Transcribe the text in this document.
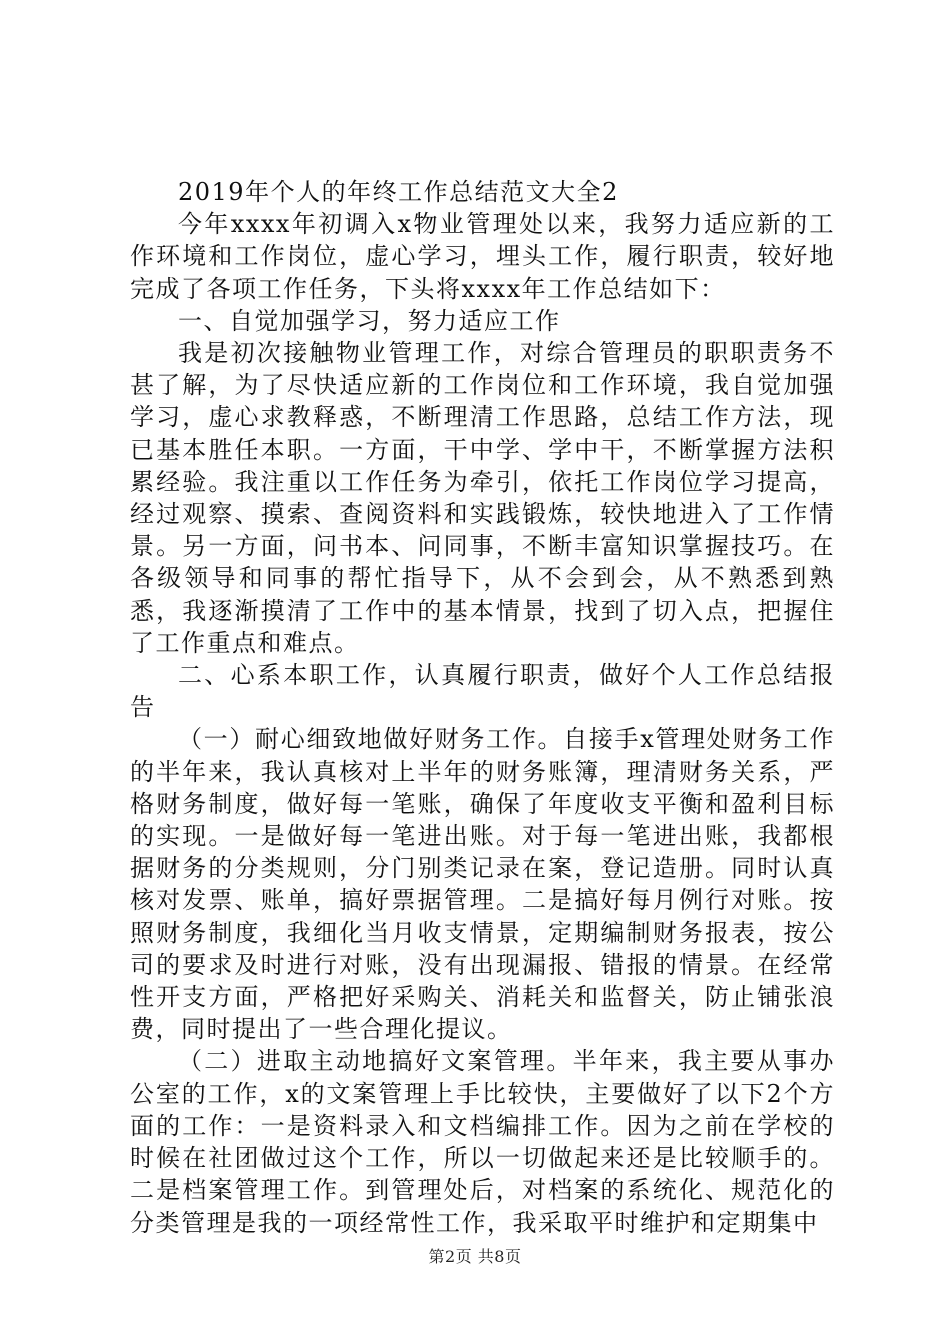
2019年个人的年终工作总结范文大全2

今年xxxx年初调入x物业管理处以来，我努力适应新的工作环境和工作岗位，虚心学习，埋头工作，履行职责，较好地完成了各项工作任务，下头将xxxx年工作总结如下：

一、自觉加强学习，努力适应工作

我是初次接触物业管理工作，对综合管理员的职职责务不甚了解，为了尽快适应新的工作岗位和工作环境，我自觉加强学习，虚心求教释惑，不断理清工作思路，总结工作方法，现已基本胜任本职。一方面，干中学、学中干，不断掌握方法积累经验。我注重以工作任务为牵引，依托工作岗位学习提高，经过观察、摸索、查阅资料和实践锻炼，较快地进入了工作情景。另一方面，问书本、问同事，不断丰富知识掌握技巧。在各级领导和同事的帮忙指导下，从不会到会，从不熟悉到熟悉，我逐渐摸清了工作中的基本情景，找到了切入点，把握住了工作重点和难点。

二、心系本职工作，认真履行职责，做好个人工作总结报告

（一）耐心细致地做好财务工作。自接手x管理处财务工作的半年来，我认真核对上半年的财务账簿，理清财务关系，严格财务制度，做好每一笔账，确保了年度收支平衡和盈利目标的实现。一是做好每一笔进出账。对于每一笔进出账，我都根据财务的分类规则，分门别类记录在案，登记造册。同时认真核对发票、账单，搞好票据管理。二是搞好每月例行对账。按照财务制度，我细化当月收支情景，定期编制财务报表，按公司的要求及时进行对账，没有出现漏报、错报的情景。在经常性开支方面，严格把好采购关、消耗关和监督关，防止铺张浪费，同时提出了一些合理化提议。

（二）进取主动地搞好文案管理。半年来，我主要从事办公室的工作，x的文案管理上手比较快，主要做好了以下2个方面的工作：一是资料录入和文档编排工作。因为之前在学校的时候在社团做过这个工作，所以一切做起来还是比较顺手的。二是档案管理工作。到管理处后，对档案的系统化、规范化的分类管理是我的一项经常性工作，我采取平时维护和定期集中

第2页 共8页
